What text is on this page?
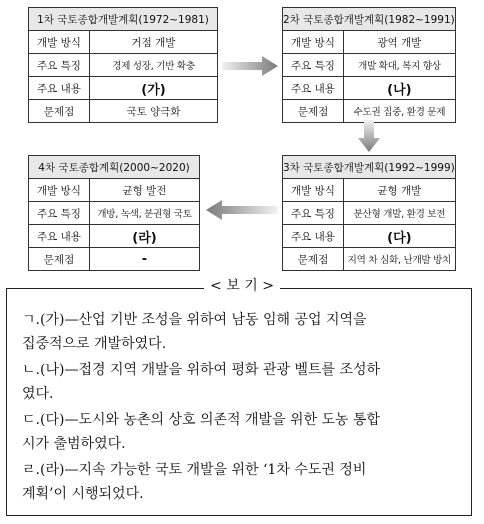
1차 국토종합개발계획(1972~1981)	
개발 방식	거점 개발
주요 특징	경제 성장, 기반 확충
주요 내용	(가)
문제점	국토 양극화
2차 국토종합개발계획(1982~1991)	
개발 방식	광역 개발
주요 특징	개발 확대, 복지 향상
주요 내용	(나)
문제점	수도권 집중, 환경 문제
4차 국토종합계획(2000~2020)	
개발 방식	균형 발전
주요 특징	개방, 녹색, 분권형 국토
주요 내용	(라)
문제점	-
3차 국토종합개발계획(1992~1999)	
개발 방식	균형 개발
주요 특징	분산형 개발, 환경 보전
주요 내용	(다)
문제점	지역 차 심화, 난개발 방치
< 보 기 >
ㄱ.(가)—산업 기반 조성을 위하여 남동 임해 공업 지역을
집중적으로 개발하였다.
ㄴ.(나)—접경 지역 개발을 위하여 평화 관광 벨트를 조성하
였다.
ㄷ.(다)—도시와 농촌의 상호 의존적 개발을 위한 도농 통합
시가 출범하였다.
ㄹ.(라)—지속 가능한 국토 개발을 위한 ‘1차 수도권 정비
계획’이 시행되었다.
